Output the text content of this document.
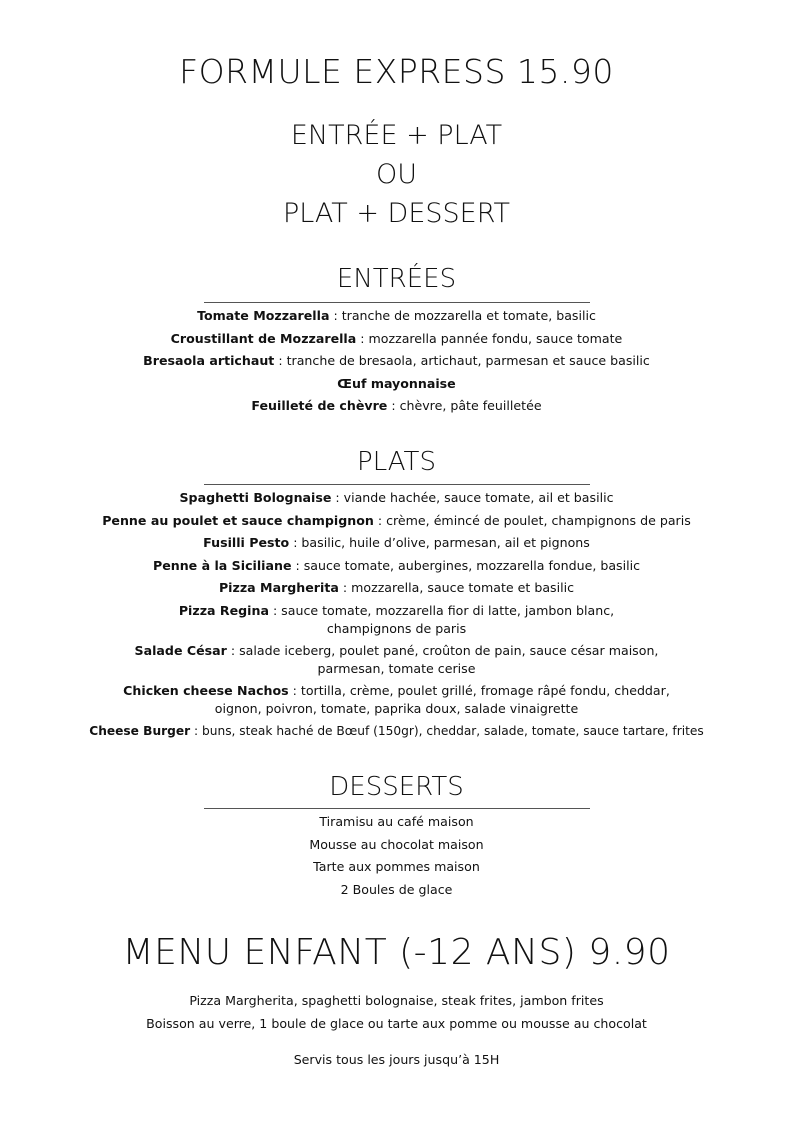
FORMULE EXPRESS 15.90
ENTRÉE + PLAT
OU
PLAT + DESSERT
ENTRÉES
Tomate Mozzarella : tranche de mozzarella et tomate, basilic
Croustillant de Mozzarella : mozzarella pannée fondu, sauce tomate
Bresaola artichaut : tranche de bresaola, artichaut, parmesan et sauce basilic
Œuf mayonnaise
Feuilleté de chèvre : chèvre, pâte feuilletée
PLATS
Spaghetti Bolognaise : viande hachée, sauce tomate, ail et basilic
Penne au poulet et sauce champignon : crème, émincé de poulet, champignons de paris
Fusilli Pesto : basilic, huile d’olive, parmesan, ail et pignons
Penne à la Siciliane : sauce tomate, aubergines, mozzarella fondue, basilic
Pizza Margherita : mozzarella, sauce tomate et basilic
Pizza Regina : sauce tomate, mozzarella fior di latte, jambon blanc,
champignons de paris
Salade César : salade iceberg, poulet pané, croûton de pain, sauce césar maison,
parmesan, tomate cerise
Chicken cheese Nachos : tortilla, crème, poulet grillé, fromage râpé fondu, cheddar,
oignon, poivron, tomate, paprika doux, salade vinaigrette
Cheese Burger : buns, steak haché de Bœuf (150gr), cheddar, salade, tomate, sauce tartare, frites
DESSERTS
Tiramisu au café maison
Mousse au chocolat maison
Tarte aux pommes maison
2 Boules de glace
MENU ENFANT (-12 ANS) 9.90
Pizza Margherita, spaghetti bolognaise, steak frites, jambon frites
Boisson au verre, 1 boule de glace ou tarte aux pomme ou mousse au chocolat
Servis tous les jours jusqu’à 15H
